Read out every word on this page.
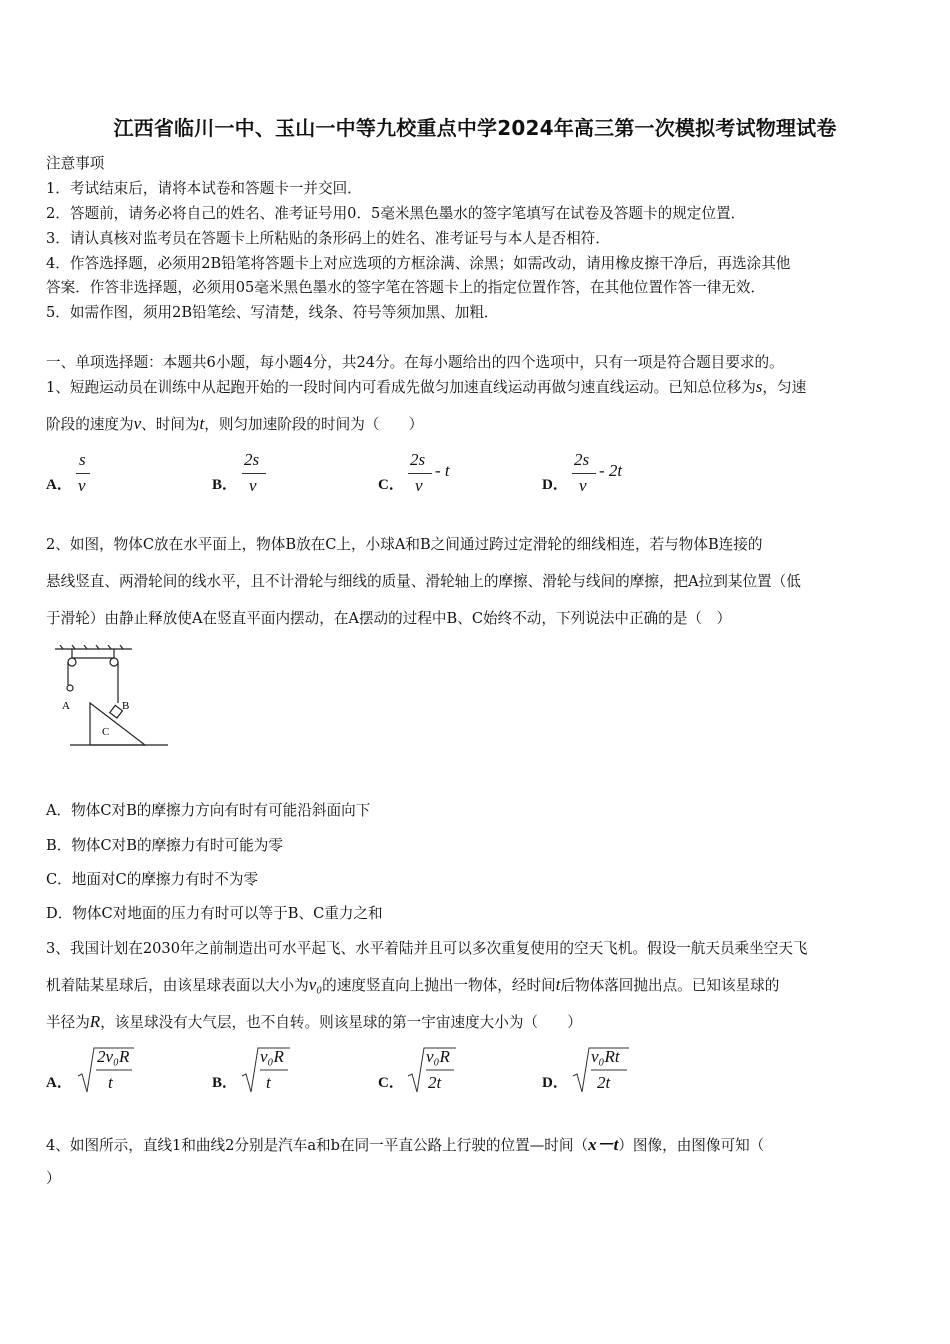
江西省临川一中、玉山一中等九校重点中学2024年高三第一次模拟考试物理试卷
注意事项
1．考试结束后，请将本试卷和答题卡一并交回．
2．答题前，请务必将自己的姓名、准考证号用0．5毫米黑色墨水的签字笔填写在试卷及答题卡的规定位置．
3．请认真核对监考员在答题卡上所粘贴的条形码上的姓名、准考证号与本人是否相符．
4．作答选择题，必须用2B铅笔将答题卡上对应选项的方框涂满、涂黑；如需改动，请用橡皮擦干净后，再选涂其他
答案．作答非选择题，必须用05毫米黑色墨水的签字笔在答题卡上的指定位置作答，在其他位置作答一律无效．
5．如需作图，须用2B铅笔绘、写清楚，线条、符号等须加黑、加粗．
一、单项选择题：本题共6小题，每小题4分，共24分。在每小题给出的四个选项中，只有一项是符合题目要求的。
1、短跑运动员在训练中从起跑开始的一段时间内可看成先做匀加速直线运动再做匀速直线运动。已知总位移为s，匀速
阶段的速度为v、时间为t，则匀加速阶段的时间为（　　）
A．
s
v	B．
2s
v	C．
2s
v
- t
D．
2s
v
- 2t
2、如图，物体C放在水平面上，物体B放在C上，小球A和B之间通过跨过定滑轮的细线相连，若与物体B连接的
悬线竖直、两滑轮间的线水平，且不计滑轮与细线的质量、滑轮轴上的摩擦、滑轮与线间的摩擦，把A拉到某位置（低
于滑轮）由静止释放使A在竖直平面内摆动，在A摆动的过程中B、C始终不动，下列说法中正确的是（　）
A	B
C
A．物体C对B的摩擦力方向有时有可能沿斜面向下
B．物体C对B的摩擦力有时可能为零
C．地面对C的摩擦力有时不为零
D．物体C对地面的压力有时可以等于B、C重力之和
3、我国计划在2030年之前制造出可水平起飞、水平着陆并且可以多次重复使用的空天飞机。假设一航天员乘坐空天飞
机着陆某星球后，由该星球表面以大小为v₀的速度竖直向上抛出一物体，经时间t后物体落回抛出点。已知该星球的
半径为R，该星球没有大气层，也不自转。则该星球的第一宇宙速度大小为（　　）
A．
2v₀R
t	B．
v₀R
t	C．
v₀R
2t	D．
v₀Rt
2t
4、如图所示，直线1和曲线2分别是汽车a和b在同一平直公路上行驶的位置—时间（x－t）图像，由图像可知（
）
